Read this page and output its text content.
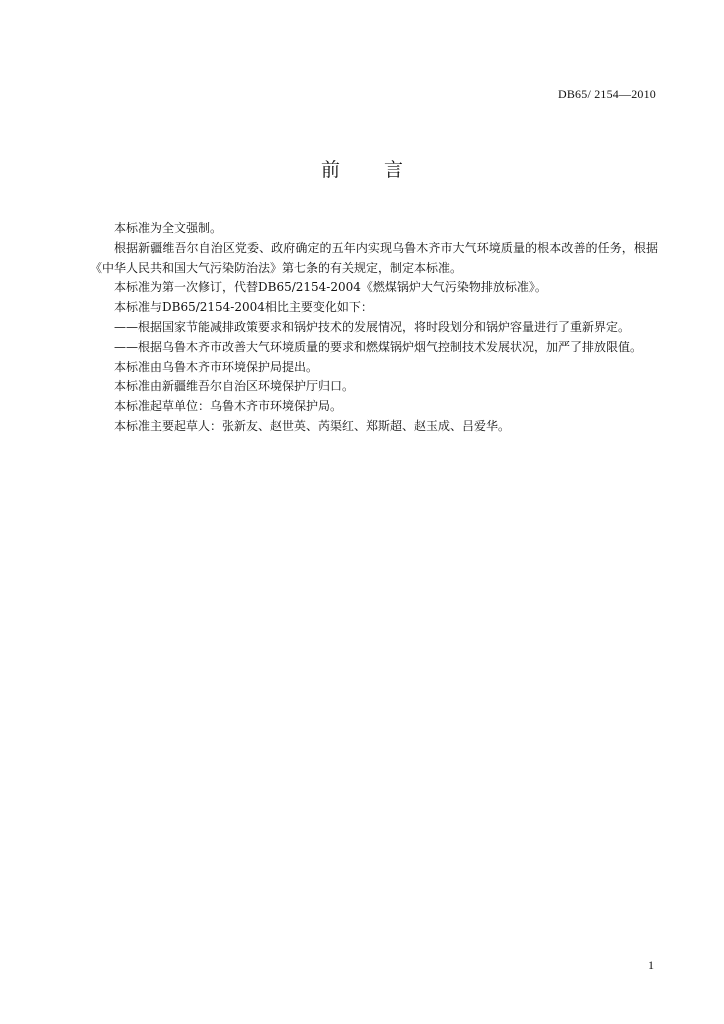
DB65/ 2154—2010
前 言

本标准为全文强制。

根据新疆维吾尔自治区党委、政府确定的五年内实现乌鲁木齐市大气环境质量的根本改善的任务，根据《中华人民共和国大气污染防治法》第七条的有关规定，制定本标准。

本标准为第一次修订，代替DB65/2154-2004《燃煤锅炉大气污染物排放标准》。

本标准与DB65/2154-2004相比主要变化如下：

——根据国家节能减排政策要求和锅炉技术的发展情况，将时段划分和锅炉容量进行了重新界定。

——根据乌鲁木齐市改善大气环境质量的要求和燃煤锅炉烟气控制技术发展状况，加严了排放限值。

本标准由乌鲁木齐市环境保护局提出。

本标准由新疆维吾尔自治区环境保护厅归口。

本标准起草单位：乌鲁木齐市环境保护局。

本标准主要起草人：张新友、赵世英、芮渠红、郑斯超、赵玉成、吕爱华。

1
